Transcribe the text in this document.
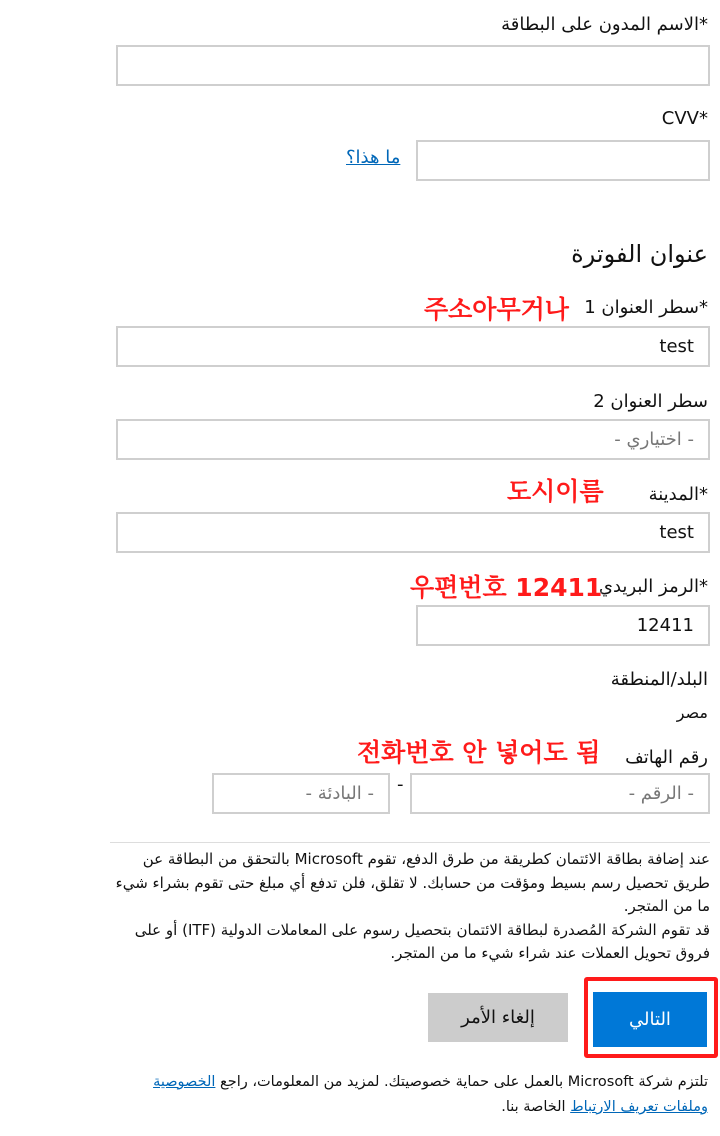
*الاسم المدون على البطاقة
CVV*
ما هذا؟
عنوان الفوترة
*سطر العنوان 1
주소아무거나
test
سطر العنوان 2
- اختياري -
*المدينة
도시이름
test
*الرمز البريدي
우편번호 12411
12411
البلد/المنطقة
مصر
رقم الهاتف
전화번호 안 넣어도 됨
- الرقم -
-
- البادئة -
عند إضافة بطاقة الائتمان كطريقة من طرق الدفع، تقوم Microsoft بالتحقق من البطاقة عن طريق تحصيل رسم بسيط ومؤقت من حسابك. لا تقلق، فلن تدفع أي مبلغ حتى تقوم بشراء شيء ما من المتجر.
قد تقوم الشركة المُصدرة لبطاقة الائتمان بتحصيل رسوم على المعاملات الدولية (ITF) أو على فروق تحويل العملات عند شراء شيء ما من المتجر.
التالي
إلغاء الأمر
تلتزم شركة Microsoft بالعمل على حماية خصوصيتك. لمزيد من المعلومات، راجع الخصوصية وملفات تعريف الارتباط الخاصة بنا.
